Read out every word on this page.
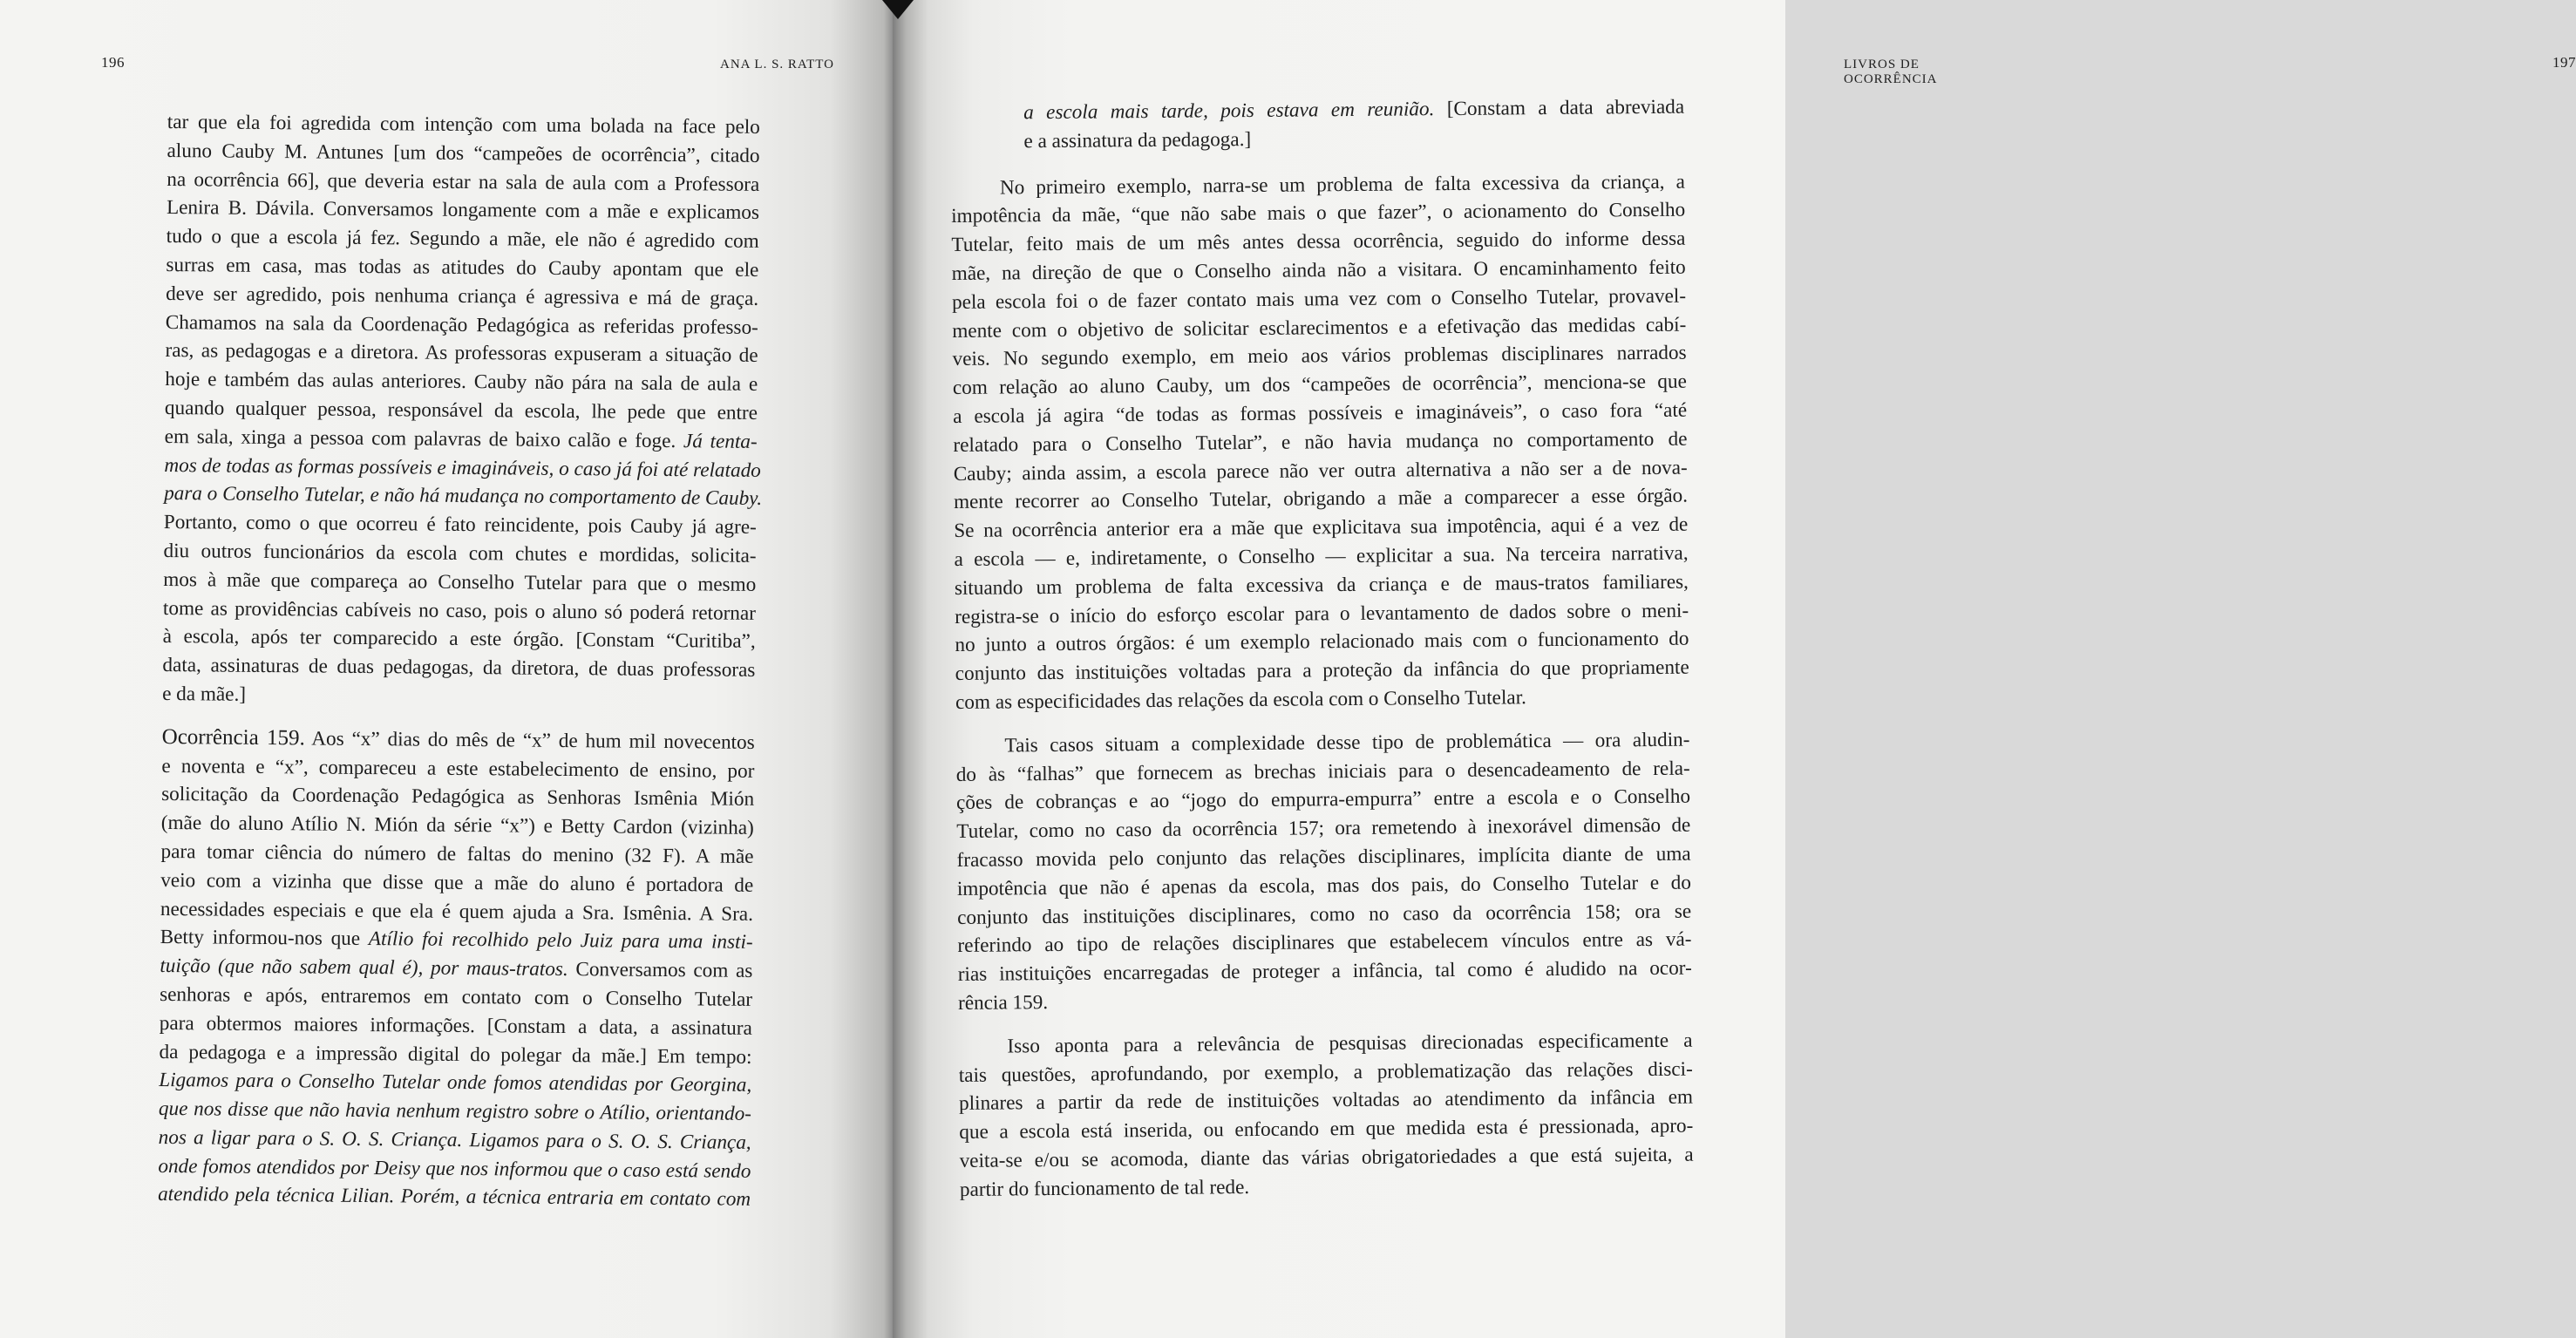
196	ANA L. S. RATTO
tar que ela foi agredida com intenção com uma bolada na face pelo
aluno Cauby M. Antunes [um dos “campeões de ocorrência”, citado
na ocorrência 66], que deveria estar na sala de aula com a Professora
Lenira B. Dávila. Conversamos longamente com a mãe e explicamos
tudo o que a escola já fez. Segundo a mãe, ele não é agredido com
surras em casa, mas todas as atitudes do Cauby apontam que ele
deve ser agredido, pois nenhuma criança é agressiva e má de graça.
Chamamos na sala da Coordenação Pedagógica as referidas professo-
ras, as pedagogas e a diretora. As professoras expuseram a situação de
hoje e também das aulas anteriores. Cauby não pára na sala de aula e
quando qualquer pessoa, responsável da escola, lhe pede que entre
em sala, xinga a pessoa com palavras de baixo calão e foge. Já tenta-
mos de todas as formas possíveis e imagináveis, o caso já foi até relatado
para o Conselho Tutelar, e não há mudança no comportamento de Cauby.
Portanto, como o que ocorreu é fato reincidente, pois Cauby já agre-
diu outros funcionários da escola com chutes e mordidas, solicita-
mos à mãe que compareça ao Conselho Tutelar para que o mesmo
tome as providências cabíveis no caso, pois o aluno só poderá retornar
à escola, após ter comparecido a este órgão. [Constam “Curitiba”,
data, assinaturas de duas pedagogas, da diretora, de duas professoras
e da mãe.]
Ocorrência 159. Aos “x” dias do mês de “x” de hum mil novecentos
e noventa e “x”, compareceu a este estabelecimento de ensino, por
solicitação da Coordenação Pedagógica as Senhoras Ismênia Mión
(mãe do aluno Atílio N. Mión da série “x”) e Betty Cardon (vizinha)
para tomar ciência do número de faltas do menino (32 F). A mãe
veio com a vizinha que disse que a mãe do aluno é portadora de
necessidades especiais e que ela é quem ajuda a Sra. Ismênia. A Sra.
Betty informou-nos que Atílio foi recolhido pelo Juiz para uma insti-
tuição (que não sabem qual é), por maus-tratos. Conversamos com as
senhoras e após, entraremos em contato com o Conselho Tutelar
para obtermos maiores informações. [Constam a data, a assinatura
da pedagoga e a impressão digital do polegar da mãe.] Em tempo:
Ligamos para o Conselho Tutelar onde fomos atendidas por Georgina,
que nos disse que não havia nenhum registro sobre o Atílio, orientando-
nos a ligar para o S. O. S. Criança. Ligamos para o S. O. S. Criança,
onde fomos atendidos por Deisy que nos informou que o caso está sendo
atendido pela técnica Lilian. Porém, a técnica entraria em contato com
LIVROS DE OCORRÊNCIA
197
a escola mais tarde, pois estava em reunião. [Constam a data abreviada
e a assinatura da pedagoga.]
No primeiro exemplo, narra-se um problema de falta excessiva da criança, a
impotência da mãe, “que não sabe mais o que fazer”, o acionamento do Conselho
Tutelar, feito mais de um mês antes dessa ocorrência, seguido do informe dessa
mãe, na direção de que o Conselho ainda não a visitara. O encaminhamento feito
pela escola foi o de fazer contato mais uma vez com o Conselho Tutelar, provavel-
mente com o objetivo de solicitar esclarecimentos e a efetivação das medidas cabí-
veis. No segundo exemplo, em meio aos vários problemas disciplinares narrados
com relação ao aluno Cauby, um dos “campeões de ocorrência”, menciona-se que
a escola já agira “de todas as formas possíveis e imagináveis”, o caso fora “até
relatado para o Conselho Tutelar”, e não havia mudança no comportamento de
Cauby; ainda assim, a escola parece não ver outra alternativa a não ser a de nova-
mente recorrer ao Conselho Tutelar, obrigando a mãe a comparecer a esse órgão.
Se na ocorrência anterior era a mãe que explicitava sua impotência, aqui é a vez de
a escola — e, indiretamente, o Conselho — explicitar a sua. Na terceira narrativa,
situando um problema de falta excessiva da criança e de maus-tratos familiares,
registra-se o início do esforço escolar para o levantamento de dados sobre o meni-
no junto a outros órgãos: é um exemplo relacionado mais com o funcionamento do
conjunto das instituições voltadas para a proteção da infância do que propriamente
com as especificidades das relações da escola com o Conselho Tutelar.
Tais casos situam a complexidade desse tipo de problemática — ora aludin-
do às “falhas” que fornecem as brechas iniciais para o desencadeamento de rela-
ções de cobranças e ao “jogo do empurra-empurra” entre a escola e o Conselho
Tutelar, como no caso da ocorrência 157; ora remetendo à inexorável dimensão de
fracasso movida pelo conjunto das relações disciplinares, implícita diante de uma
impotência que não é apenas da escola, mas dos pais, do Conselho Tutelar e do
conjunto das instituições disciplinares, como no caso da ocorrência 158; ora se
referindo ao tipo de relações disciplinares que estabelecem vínculos entre as vá-
rias instituições encarregadas de proteger a infância, tal como é aludido na ocor-
rência 159.
Isso aponta para a relevância de pesquisas direcionadas especificamente a
tais questões, aprofundando, por exemplo, a problematização das relações disci-
plinares a partir da rede de instituições voltadas ao atendimento da infância em
que a escola está inserida, ou enfocando em que medida esta é pressionada, apro-
veita-se e/ou se acomoda, diante das várias obrigatoriedades a que está sujeita, a
partir do funcionamento de tal rede.
